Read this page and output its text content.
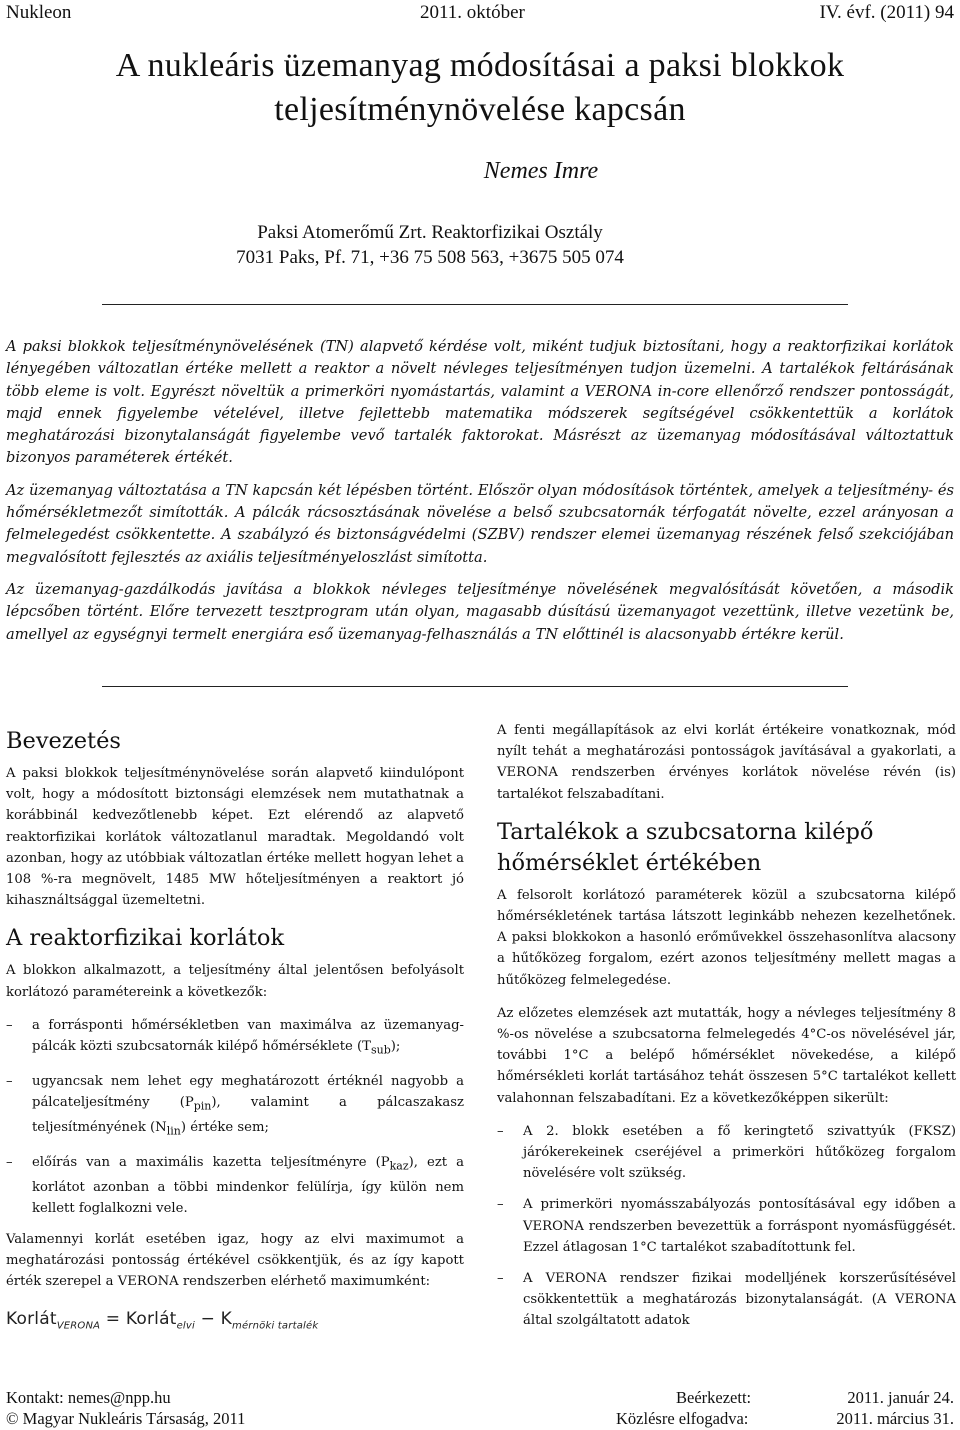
Nukleon	2011. október	IV. évf. (2011) 94
A nukleáris üzemanyag módosításai a paksi blokkok
teljesítménynövelése kapcsán
Nemes Imre
Paksi Atomerőmű Zrt. Reaktorfizikai Osztály
7031 Paks, Pf. 71, +36 75 508 563, +3675 505 074

A paksi blokkok teljesítménynövelésének (TN) alapvető kérdése volt, miként tudjuk biztosítani, hogy a reaktorfizikai korlátok lényegében változatlan értéke mellett a reaktor a növelt névleges teljesítményen tudjon üzemelni. A tartalékok feltárásának több eleme is volt. Egyrészt növeltük a primerköri nyomástartás, valamint a VERONA in-core ellenőrző rendszer pontosságát, majd ennek figyelembe vételével, illetve fejlettebb matematika módszerek segítségével csökkentettük a korlátok meghatározási bizonytalanságát figyelembe vevő tartalék faktorokat. Másrészt az üzemanyag módosításával változtattuk bizonyos paraméterek értékét.

Az üzemanyag változtatása a TN kapcsán két lépésben történt. Először olyan módosítások történtek, amelyek a teljesítmény- és hőmérsékletmezőt simították. A pálcák rácsosztásának növelése a belső szubcsatornák térfogatát növelte, ezzel arányosan a felmelegedést csökkentette. A szabályzó és biztonságvédelmi (SZBV) rendszer elemei üzemanyag részének felső szekciójában megvalósított fejlesztés az axiális teljesítményeloszlást simította.

Az üzemanyag-gazdálkodás javítása a blokkok névleges teljesítménye növelésének megvalósítását követően, a második lépcsőben történt. Előre tervezett tesztprogram után olyan, magasabb dúsítású üzemanyagot vezettünk, illetve vezetünk be, amellyel az egységnyi termelt energiára eső üzemanyag-felhasználás a TN előttinél is alacsonyabb értékre kerül.

Bevezetés

A paksi blokkok teljesítménynövelése során alapvető kiindulópont volt, hogy a módosított biztonsági elemzések nem mutathatnak a korábbinál kedvezőtlenebb képet. Ezt elérendő az alapvető reaktorfizikai korlátok változatlanul maradtak. Megoldandó volt azonban, hogy az utóbbiak változatlan értéke mellett hogyan lehet a 108 %-ra megnövelt, 1485 MW hőteljesítményen a reaktort jó kihasználtsággal üzemeltetni.

A reaktorfizikai korlátok

A blokkon alkalmazott, a teljesítmény által jelentősen befolyásolt korlátozó paramétereink a következők:

– a forrásponti hőmérsékletben van maximálva az üzemanyag-pálcák közti szubcsatornák kilépő hőmérséklete $(T_{sub})$;
– ugyancsak nem lehet egy meghatározott értéknél nagyobb a pálcateljesítmény $(P_{pin})$, valamint a pálcaszakasz teljesítményének $(N_{lin})$ értéke sem;
– előírás van a maximális kazetta teljesítményre $(P_{kaz})$, ezt a korlátot azonban a többi mindenkor felülírja, így külön nem kellett foglalkozni vele.

Valamennyi korlát esetében igaz, hogy az elvi maximumot a meghatározási pontosság értékével csökkentjük, és az így kapott érték szerepel a VERONA rendszerben elérhető maximumként:

Korlát$_{VERONA}$ = Korlát$_{elvi}$ − $K_{mérnöki tartalék}$

A fenti megállapítások az elvi korlát értékeire vonatkoznak, mód nyílt tehát a meghatározási pontosságok javításával a gyakorlati, a VERONA rendszerben érvényes korlátok növelése révén (is) tartalékot felszabadítani.

Tartalékok a szubcsatorna kilépő hőmérséklet értékében

A felsorolt korlátozó paraméterek közül a szubcsatorna kilépő hőmérsékletének tartása látszott leginkább nehezen kezelhetőnek. A paksi blokkokon a hasonló erőművekkel összehasonlítva alacsony a hűtőközeg forgalom, ezért azonos teljesítmény mellett magas a hűtőközeg felmelegedése.

Az előzetes elemzések azt mutatták, hogy a névleges teljesítmény 8 %-os növelése a szubcsatorna felmelegedés 4°C-os növelésével jár, további 1°C a belépő hőmérséklet növekedése, a kilépő hőmérsékleti korlát tartásához tehát összesen 5°C tartalékot kellett valahonnan felszabadítani. Ez a következőképpen sikerült:

– A 2. blokk esetében a fő keringtető szivattyúk (FKSZ) járókerekeinek cseréjével a primerköri hűtőközeg forgalom növelésére volt szükség.
– A primerköri nyomásszabályozás pontosításával egy időben a VERONA rendszerben bevezettük a forráspont nyomásfüggését. Ezzel átlagosan 1°C tartalékot szabadítottunk fel.
– A VERONA rendszer fizikai modelljének korszerűsítésével csökkentettük a meghatározás bizonytalanságát. (A VERONA által szolgáltatott adatok
Kontakt: nemes@npp.hu	Beérkezett:	2011. január 24.
© Magyar Nukleáris Társaság, 2011	Közlésre elfogadva:	2011. március 31.
